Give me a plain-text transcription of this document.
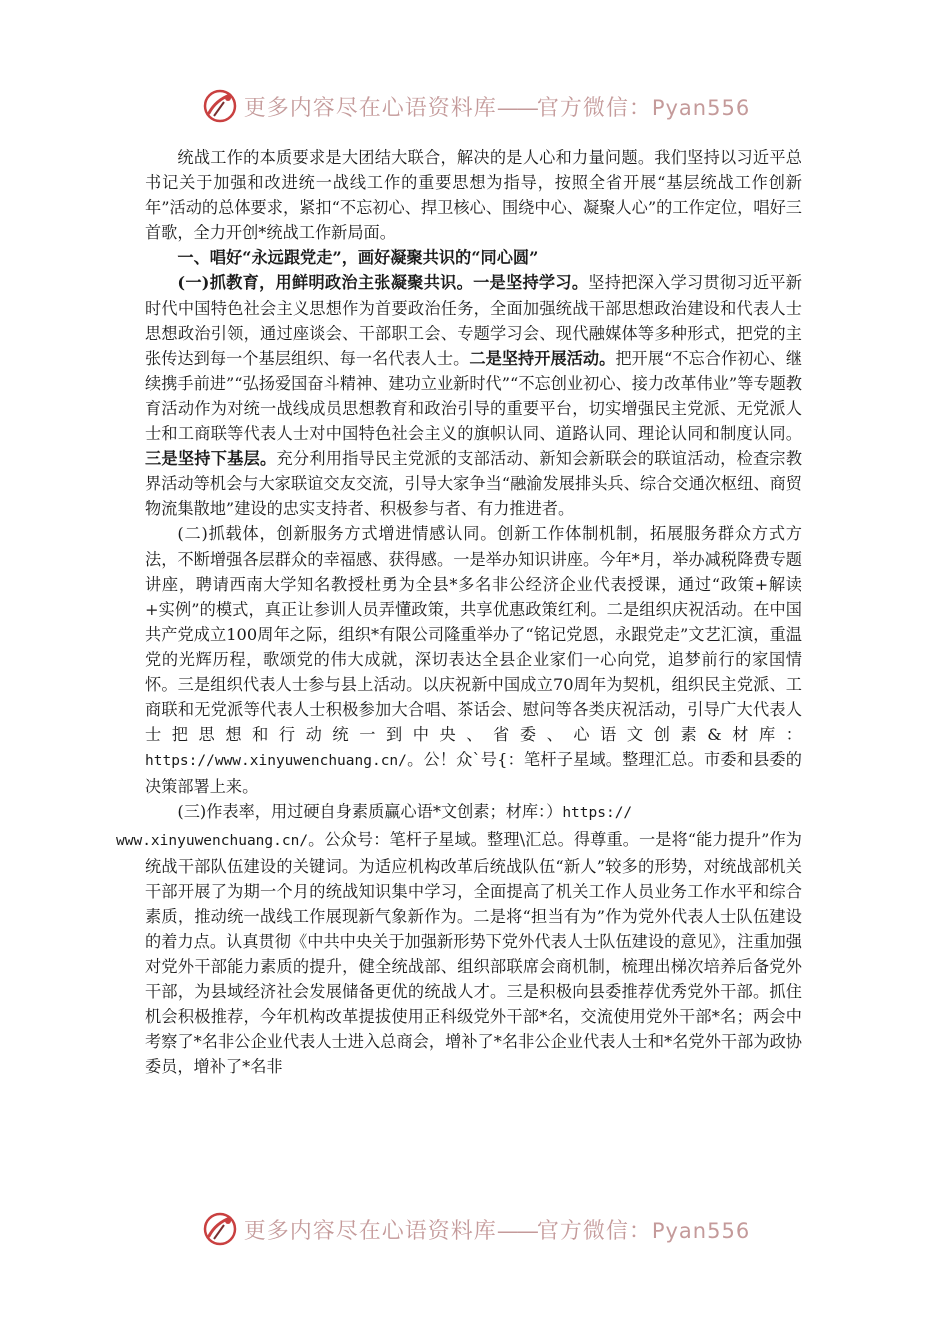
更多内容尽在心语资料库——官方微信：Pyan556

统战工作的本质要求是大团结大联合，解决的是人心和力量问题。我们坚持以习近平总书记关于加强和改进统一战线工作的重要思想为指导，按照全省开展“基层统战工作创新年”活动的总体要求，紧扣“不忘初心、捍卫核心、围绕中心、凝聚人心”的工作定位，唱好三首歌，全力开创*统战工作新局面。

一、唱好“永远跟党走”，画好凝聚共识的“同心圆”

(一)抓教育，用鲜明政治主张凝聚共识。一是坚持学习。坚持把深入学习贯彻习近平新时代中国特色社会主义思想作为首要政治任务，全面加强统战干部思想政治建设和代表人士思想政治引领，通过座谈会、干部职工会、专题学习会、现代融媒体等多种形式，把党的主张传达到每一个基层组织、每一名代表人士。二是坚持开展活动。把开展“不忘合作初心、继续携手前进”“弘扬爱国奋斗精神、建功立业新时代”“不忘创业初心、接力改革伟业”等专题教育活动作为对统一战线成员思想教育和政治引导的重要平台，切实增强民主党派、无党派人士和工商联等代表人士对中国特色社会主义的旗帜认同、道路认同、理论认同和制度认同。三是坚持下基层。充分利用指导民主党派的支部活动、新知会新联会的联谊活动，检查宗教界活动等机会与大家联谊交友交流，引导大家争当“融渝发展排头兵、综合交通次枢纽、商贸物流集散地”建设的忠实支持者、积极参与者、有力推进者。

(二)抓载体，创新服务方式增进情感认同。创新工作体制机制，拓展服务群众方式方法，不断增强各层群众的幸福感、获得感。一是举办知识讲座。今年*月，举办减税降费专题讲座，聘请西南大学知名教授杜勇为全县*多名非公经济企业代表授课，通过“政策+解读+实例”的模式，真正让参训人员弄懂政策，共享优惠政策红利。二是组织庆祝活动。在中国共产党成立100周年之际，组织*有限公司隆重举办了“铭记党恩，永跟党走”文艺汇演，重温党的光辉历程，歌颂党的伟大成就，深切表达全县企业家们一心向党，追梦前行的家国情怀。三是组织代表人士参与县上活动。以庆祝新中国成立70周年为契机，组织民主党派、工商联和无党派等代表人士积极参加大合唱、茶话会、慰问等各类庆祝活动，引导广大代表人士把思想和行动统一到中央、省委、心语文创素&材库：https://www.xinyuwenchuang.cn/。公！众`号{：笔杆子星域。整理汇总。市委和县委的决策部署上来。

(三)作表率，用过硬自身素质赢心语*文创素；材库：）https://
www.xinyuwenchuang.cn/。公众号：笔杆子星域。整理\汇总。得尊重。一是将“能力提升”作为统战干部队伍建设的关键词。为适应机构改革后统战队伍“新人”较多的形势，对统战部机关干部开展了为期一个月的统战知识集中学习，全面提高了机关工作人员业务工作水平和综合素质，推动统一战线工作展现新气象新作为。二是将“担当有为”作为党外代表人士队伍建设的着力点。认真贯彻《中共中央关于加强新形势下党外代表人士队伍建设的意见》，注重加强对党外干部能力素质的提升，健全统战部、组织部联席会商机制，梳理出梯次培养后备党外干部，为县域经济社会发展储备更优的统战人才。三是积极向县委推荐优秀党外干部。抓住机会积极推荐，今年机构改革提拔使用正科级党外干部*名，交流使用党外干部*名；两会中考察了*名非公企业代表人士进入总商会，增补了*名非公企业代表人士和*名党外干部为政协委员，增补了*名非

更多内容尽在心语资料库——官方微信：Pyan556
